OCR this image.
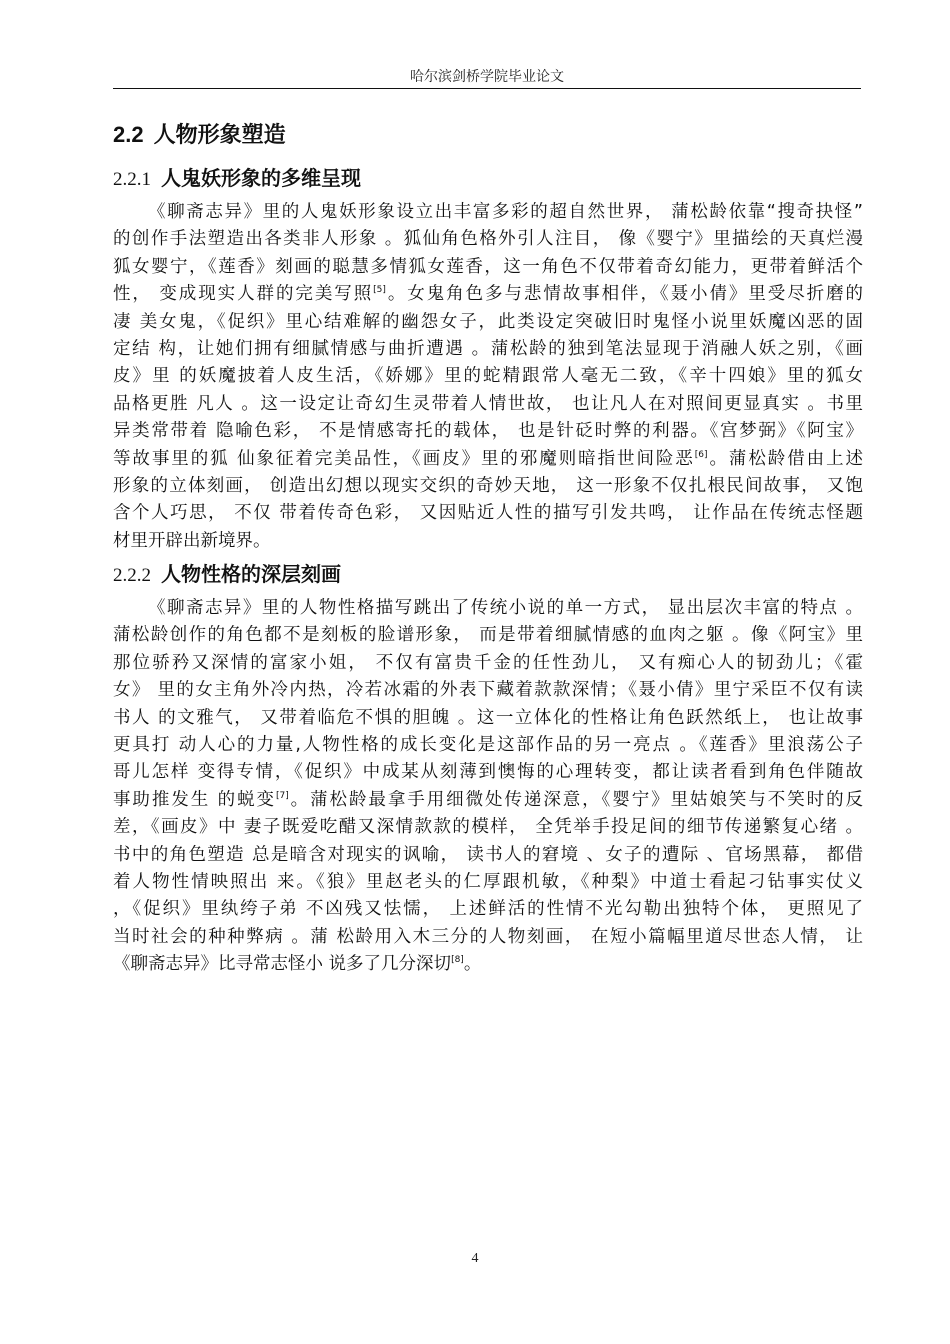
哈尔滨剑桥学院毕业论文
2.2 人物形象塑造
2.2.1 人鬼妖形象的多维呈现
《聊斋志异》里的人鬼妖形象设立出丰富多彩的超自然世界， 蒲松龄依靠“搜奇抉怪”
的创作手法塑造出各类非人形象 。狐仙角色格外引人注目， 像《婴宁》里描绘的天真烂漫
狐女婴宁，《莲香》刻画的聪慧多情狐女莲香，这一角色不仅带着奇幻能力，更带着鲜活个
性， 变成现实人群的完美写照[5]。女鬼角色多与悲情故事相伴，《聂小倩》里受尽折磨的
凄 美女鬼，《促织》里心结难解的幽怨女子，此类设定突破旧时鬼怪小说里妖魔凶恶的固
定结 构，让她们拥有细腻情感与曲折遭遇 。蒲松龄的独到笔法显现于消融人妖之别，《画
皮》里 的妖魔披着人皮生活，《娇娜》里的蛇精跟常人毫无二致，《辛十四娘》里的狐女
品格更胜 凡人 。这一设定让奇幻生灵带着人情世故， 也让凡人在对照间更显真实 。书里
异类常带着 隐喻色彩， 不是情感寄托的载体， 也是针砭时弊的利器。《宫梦弼》《阿宝》
等故事里的狐 仙象征着完美品性，《画皮》里的邪魔则暗指世间险恶[6]。蒲松龄借由上述
形象的立体刻画， 创造出幻想以现实交织的奇妙天地， 这一形象不仅扎根民间故事， 又饱
含个人巧思， 不仅 带着传奇色彩， 又因贴近人性的描写引发共鸣， 让作品在传统志怪题
材里开辟出新境界。
2.2.2 人物性格的深层刻画
《聊斋志异》里的人物性格描写跳出了传统小说的单一方式， 显出层次丰富的特点 。
蒲松龄创作的角色都不是刻板的脸谱形象， 而是带着细腻情感的血肉之躯 。像《阿宝》里
那位骄矜又深情的富家小姐， 不仅有富贵千金的任性劲儿， 又有痴心人的韧劲儿；《霍
女》 里的女主角外冷内热，冷若冰霜的外表下藏着款款深情；《聂小倩》里宁采臣不仅有读
书人 的文雅气， 又带着临危不惧的胆魄 。这一立体化的性格让角色跃然纸上， 也让故事
更具打 动人心的力量,人物性格的成长变化是这部作品的另一亮点 。《莲香》里浪荡公子
哥儿怎样 变得专情，《促织》中成某从刻薄到懊悔的心理转变，都让读者看到角色伴随故
事助推发生 的蜕变[7]。蒲松龄最拿手用细微处传递深意，《婴宁》里姑娘笑与不笑时的反
差，《画皮》中 妻子既爱吃醋又深情款款的模样， 全凭举手投足间的细节传递繁复心绪 。
书中的角色塑造 总是暗含对现实的讽喻， 读书人的窘境 、女子的遭际 、官场黑幕， 都借
着人物性情映照出 来。《狼》里赵老头的仁厚跟机敏，《种梨》中道士看起刁钻事实仗义
，《促织》里纨绔子弟 不凶残又怯懦， 上述鲜活的性情不光勾勒出独特个体， 更照见了
当时社会的种种弊病 。蒲 松龄用入木三分的人物刻画， 在短小篇幅里道尽世态人情， 让
《聊斋志异》比寻常志怪小 说多了几分深切[8]。
4
